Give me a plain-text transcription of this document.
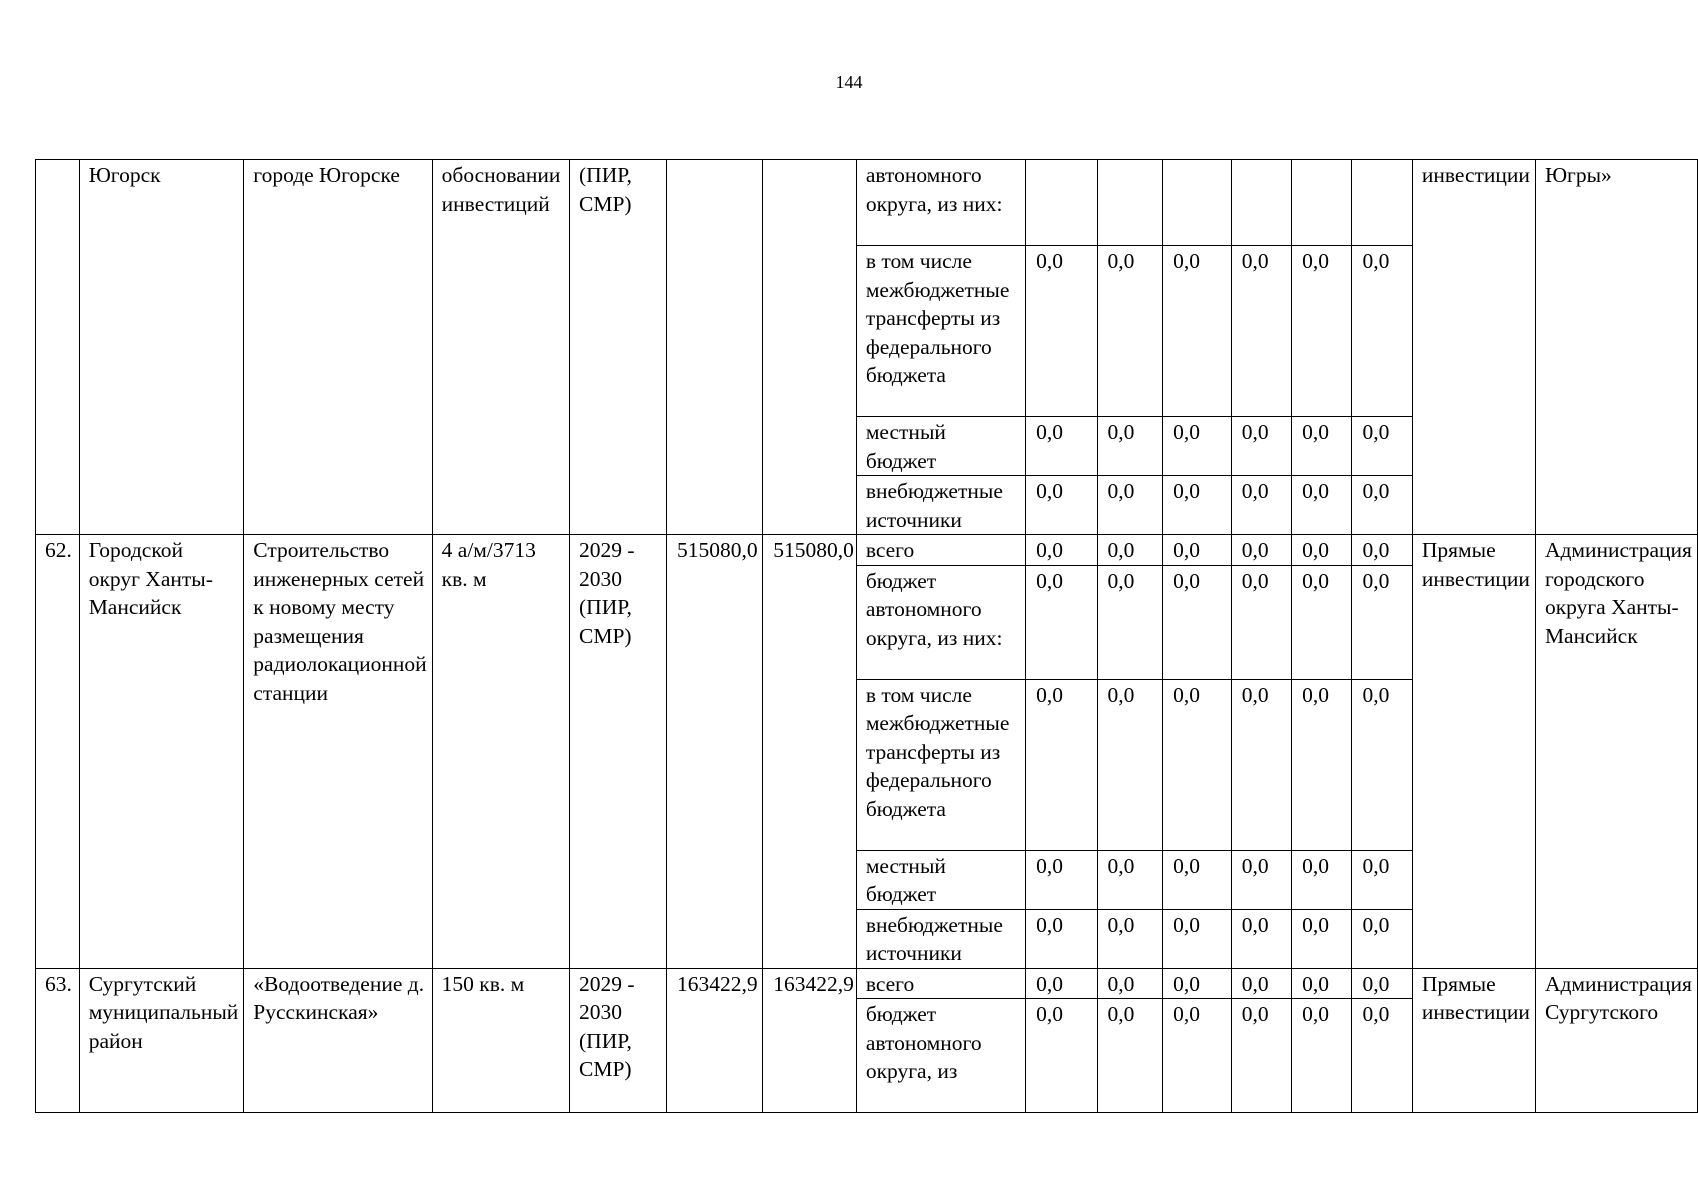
144
	Югорск	городе Югорске	обосновании инвестиций	(ПИР, СМР)			автономного округа, из них:							инвестиции	Югры»
							в том числе межбюджетные трансферты из федерального бюджета	0,0	0,0	0,0	0,0	0,0	0,0		
							местный бюджет	0,0	0,0	0,0	0,0	0,0	0,0		
							внебюджетные источники	0,0	0,0	0,0	0,0	0,0	0,0		
62.	Городской округ Ханты-Мансийск	Строительство инженерных сетей к новому месту размещения радиолокационной станции	4 а/м/3713 кв. м	2029 - 2030 (ПИР, СМР)	515080,0	515080,0	всего	0,0	0,0	0,0	0,0	0,0	0,0	Прямые инвестиции	Администрация городского округа Ханты-Мансийск
							бюджет автономного округа, из них:	0,0	0,0	0,0	0,0	0,0	0,0		
							в том числе межбюджетные трансферты из федерального бюджета	0,0	0,0	0,0	0,0	0,0	0,0		
							местный бюджет	0,0	0,0	0,0	0,0	0,0	0,0		
							внебюджетные источники	0,0	0,0	0,0	0,0	0,0	0,0		

63.	Сургутский муниципальный район	«Водоотведение д. Русскинская»	150 кв. м	2029 - 2030 (ПИР, СМР)	163422,9	163422,9	всего	0,0	0,0	0,0	0,0	0,0	0,0	Прямые инвестиции	Администрация Сургутского
							бюджет автономного округа, из	0,0	0,0	0,0	0,0	0,0	0,0		
